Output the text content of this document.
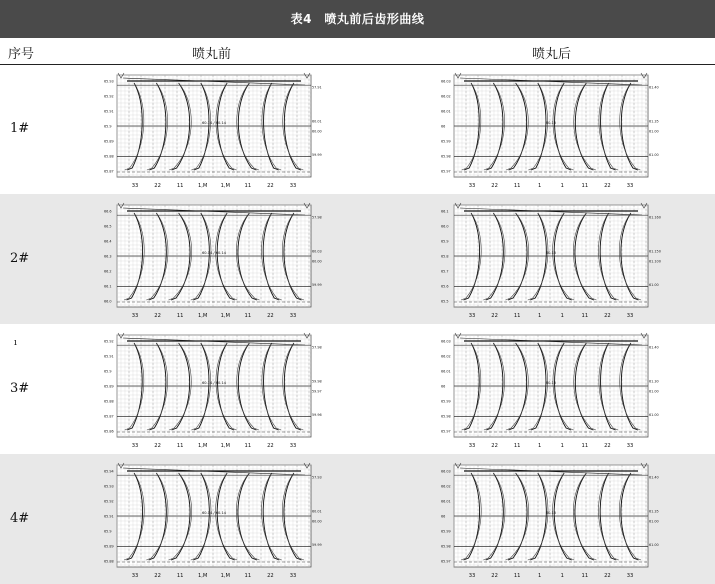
表4　喷丸前后齿形曲线
序号	喷丸前	喷丸后
1#
65.93
65.92
65.91
65.9
65.89
65.88
65.87
57.91
60.01
60.00
59.99
60.14 / 60.14
33	22	11	1,M	1,M	11	22	33
66.03
66.02
66.01
66
65.99
65.98
65.97
61.40
61.35
61.00
61.00
60.15
33	22	11	1	1	11	22	33
2#
66.6
66.5
66.4
66.3
66.2
66.1
66.0
57.98
60.03
60.00
59.99
60.14 / 60.14
33	22	11	1,M	1,M	11	22	33
66.1
66.0
65.9
65.8
65.7
65.6
65.5
61.160
61.150
61.100
61.00
60.15
33	22	11	1	1	11	22	33
3#
ı	65.92
65.91
65.9
65.89
65.88
65.87
65.86
57.98
59.98
59.97
59.96
60.14 / 60.14
33	22	11	1,M	1,M	11	22	33
66.03
66.02
66.01
66
65.99
65.98
65.97
61.40
61.30
61.00
61.00
60.15
33	22	11	1	1	11	22	33
4#
65.94
65.93
65.92
65.91
65.9
65.89
65.88
57.93
60.01
60.00
59.99
60.14 / 60.14
33	22	11	1,M	1,M	11	22	33
66.03
66.02
66.01
66
65.99
65.98
65.97
61.40
61.35
61.00
61.00
60.15
33	22	11	1	1	11	22	33
